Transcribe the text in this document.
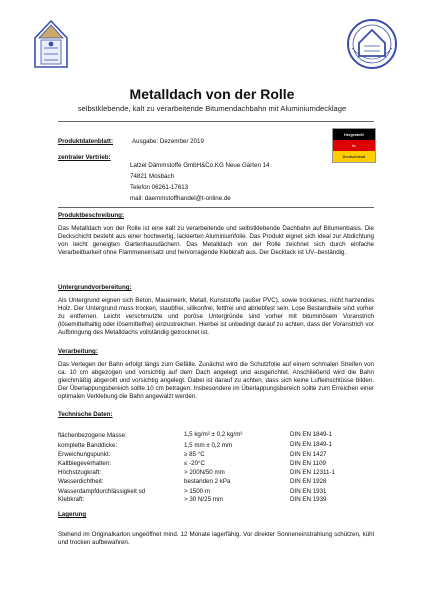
Metalldach von der Rolle
selbstklebende, kalt zu verarbeitende Bitumendachbahn mit Aluminiumdecklage
Hergestellt
in
Deutschland
Produktdatenblatt:	Ausgabe: Dezember 2019
zentraler Vertrieb:
Latzel Dämmstoffe GmbH&Co.KG Neue Gärten 14
74821 Mosbach
Telefon 06261-17613
mail: daemmstoffhandel@t-online.de
Produktbeschreibung:
Das Metalldach von der Rolle ist eine kalt zu verarbeitende und selbstklebende Dachbahn auf Bitumenbasis. Die Deckschicht besteht aus einer hochwertig, lackierten Aluminiumfolie. Das Produkt eignet sich ideal zur Abdichtung von leicht geneigten Gartenhausdächern. Das Metalldach von der Rolle zeichnet sich durch einfache Verarbeitbarkeit ohne Flammeneinsatz und hervorragende Klebkraft aus. Der Decklack ist UV–beständig.
Untergrundvorbereitung:
Als Untergrund eignen sich Beton, Mauerwerk, Metall, Kunststoffe (außer PVC), sowie trockenes, nicht harzendes Holz. Der Untergrund muss trocken, staubfrei, silikonfrei, fettfrei und abriebfest sein. Lose Bestandteile sind vorher zu entfernen. Leicht verschmutzte und poröse Untergründe sind vorher mit bituminösem Voranstrich (lösemittelhaltig oder lösemittelfrei) einzustreichen. Hierbei ist unbedingt darauf zu achten, dass der Voranstrich vor Aufbringung des Metalldachs vollständig getrocknet ist.
Verarbeitung:
Das Verlegen der Bahn erfolgt längs zum Gefälle. Zunächst wird die Schutzfolie auf einem schmalen Streifen von ca. 10 cm abgezogen und vorsichtig auf dem Dach angelegt und ausgerichtet. Anschließend wird die Bahn gleichmäßig abgerollt und vorsichtig angelegt. Dabei ist darauf zu achten, dass sich keine Lufteinschlüsse bilden. Der Überlappungsbereich sollte 10 cm betragen. Insbesondere im Überlappungsbereich sollte zum Erreichen einer optimalen Verklebung die Bahn angewalzt werden.
Technische Daten:
flächenbezogene Masse:	1,5 kg/m² ± 0,2 kg/m²	DIN EN 1849-1
komplette Banddicke:	1,5 mm ± 0,2 mm	DIN EN 1849-1
Erweichungspunkt:	≥ 85 °C	DIN EN 1427
Kaltbiegeverhalten:	≤ -20°C	DIN EN 1109
Höchstzugkraft:	> 200N/50 mm	DIN EN 12311-1
Wasserdichtheit:	bestanden 2 kPa	DIN EN 1928
Wasserdampfdurchlässigkeit sd	> 1500 m	DIN EN 1931
Klebkraft:	> 30 N/25 mm	DIN EN 1939
Lagerung
Stehend im Originalkarton ungeöffnet mind. 12 Monate lagerfähig. Vor direkter Sonneneinstrahlung schützen, kühl und trocken aufbewahren.
